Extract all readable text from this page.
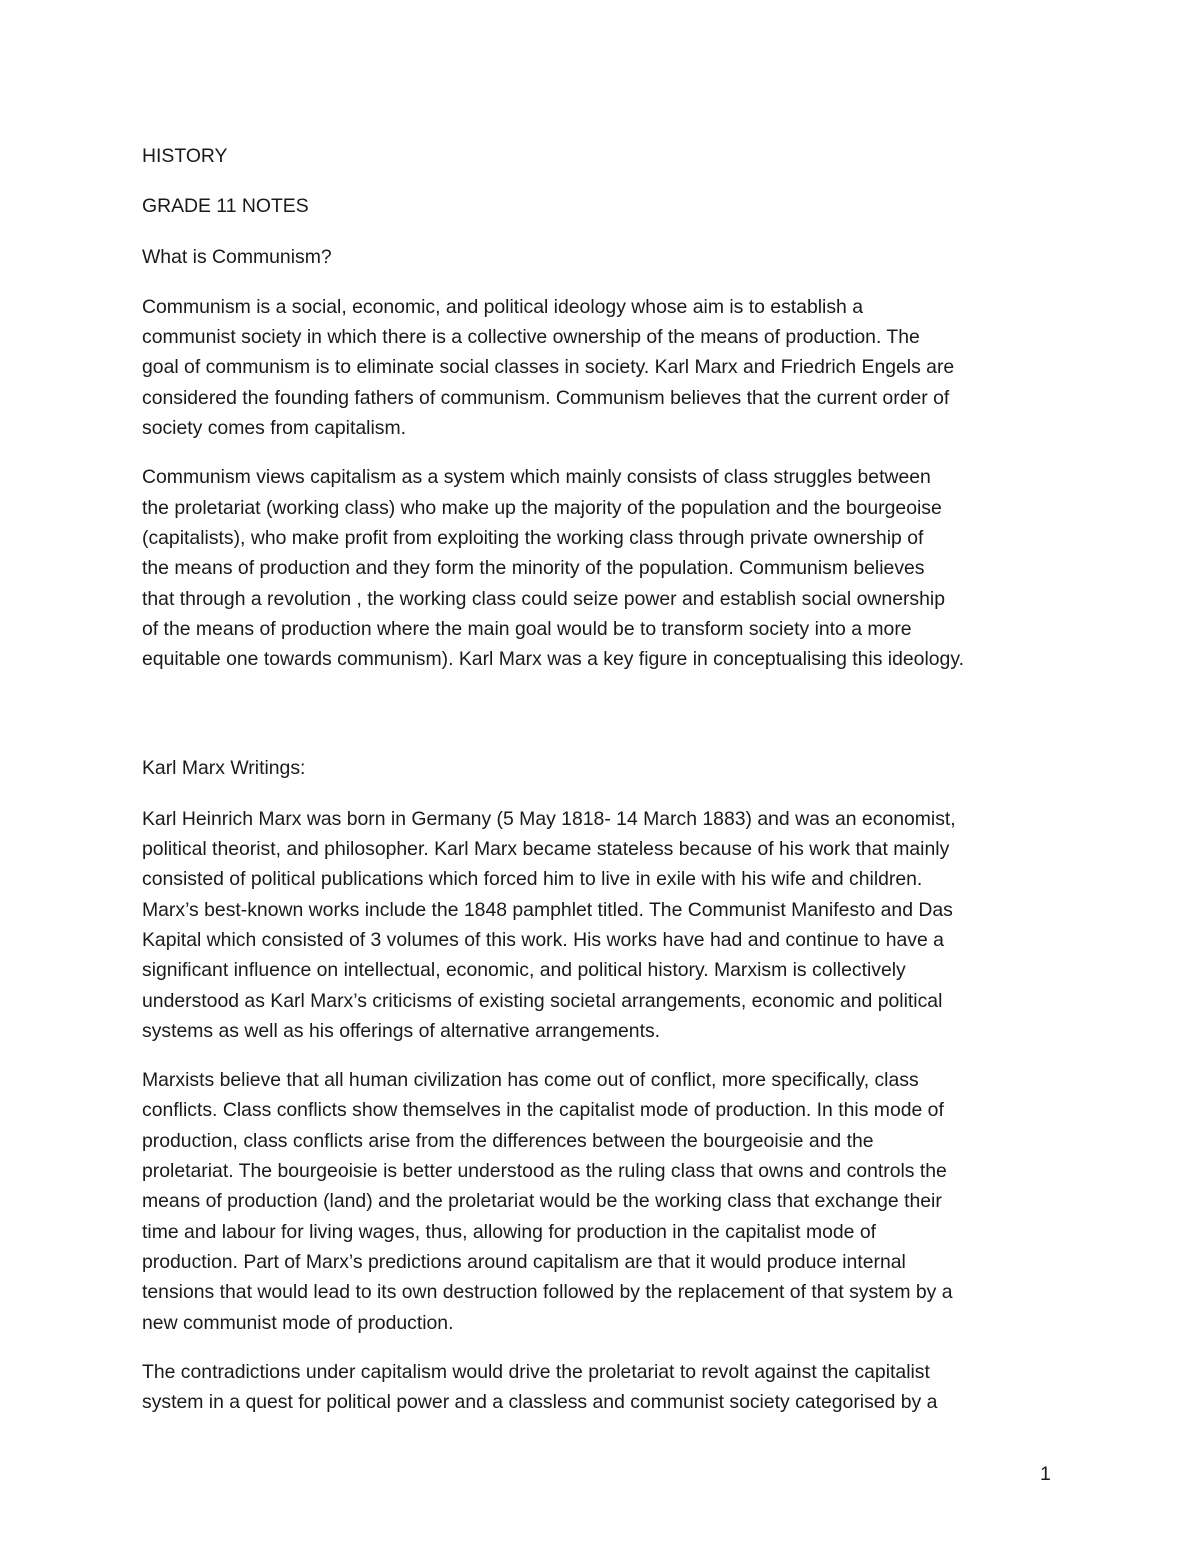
HISTORY
GRADE 11 NOTES
What is Communism?
Communism is a social, economic, and political ideology whose aim is to establish a
communist society in which there is a collective ownership of the means of production. The
goal of communism is to eliminate social classes in society. Karl Marx and Friedrich Engels are
considered the founding fathers of communism. Communism believes that the current order of
society comes from capitalism.
Communism views capitalism as a system which mainly consists of class struggles between
the proletariat (working class) who make up the majority of the population and the bourgeoise
(capitalists), who make profit from exploiting the working class through private ownership of
the means of production and they form the minority of the population. Communism believes
that through a revolution , the working class could seize power and establish social ownership
of the means of production where the main goal would be to transform society into a more
equitable one towards communism). Karl Marx was a key figure in conceptualising this ideology.
Karl Marx Writings:
Karl Heinrich Marx was born in Germany (5 May 1818- 14 March 1883) and was an economist,
political theorist, and philosopher. Karl Marx became stateless because of his work that mainly
consisted of political publications which forced him to live in exile with his wife and children.
Marx’s best-known works include the 1848 pamphlet titled. The Communist Manifesto and Das
Kapital which consisted of 3 volumes of this work. His works have had and continue to have a
significant influence on intellectual, economic, and political history. Marxism is collectively
understood as Karl Marx’s criticisms of existing societal arrangements, economic and political
systems as well as his offerings of alternative arrangements.
Marxists believe that all human civilization has come out of conflict, more specifically, class
conflicts. Class conflicts show themselves in the capitalist mode of production. In this mode of
production, class conflicts arise from the differences between the bourgeoisie and the
proletariat. The bourgeoisie is better understood as the ruling class that owns and controls the
means of production (land) and the proletariat would be the working class that exchange their
time and labour for living wages, thus, allowing for production in the capitalist mode of
production. Part of Marx’s predictions around capitalism are that it would produce internal
tensions that would lead to its own destruction followed by the replacement of that system by a
new communist mode of production.
The contradictions under capitalism would drive the proletariat to revolt against the capitalist
system in a quest for political power and a classless and communist society categorised by a
1
